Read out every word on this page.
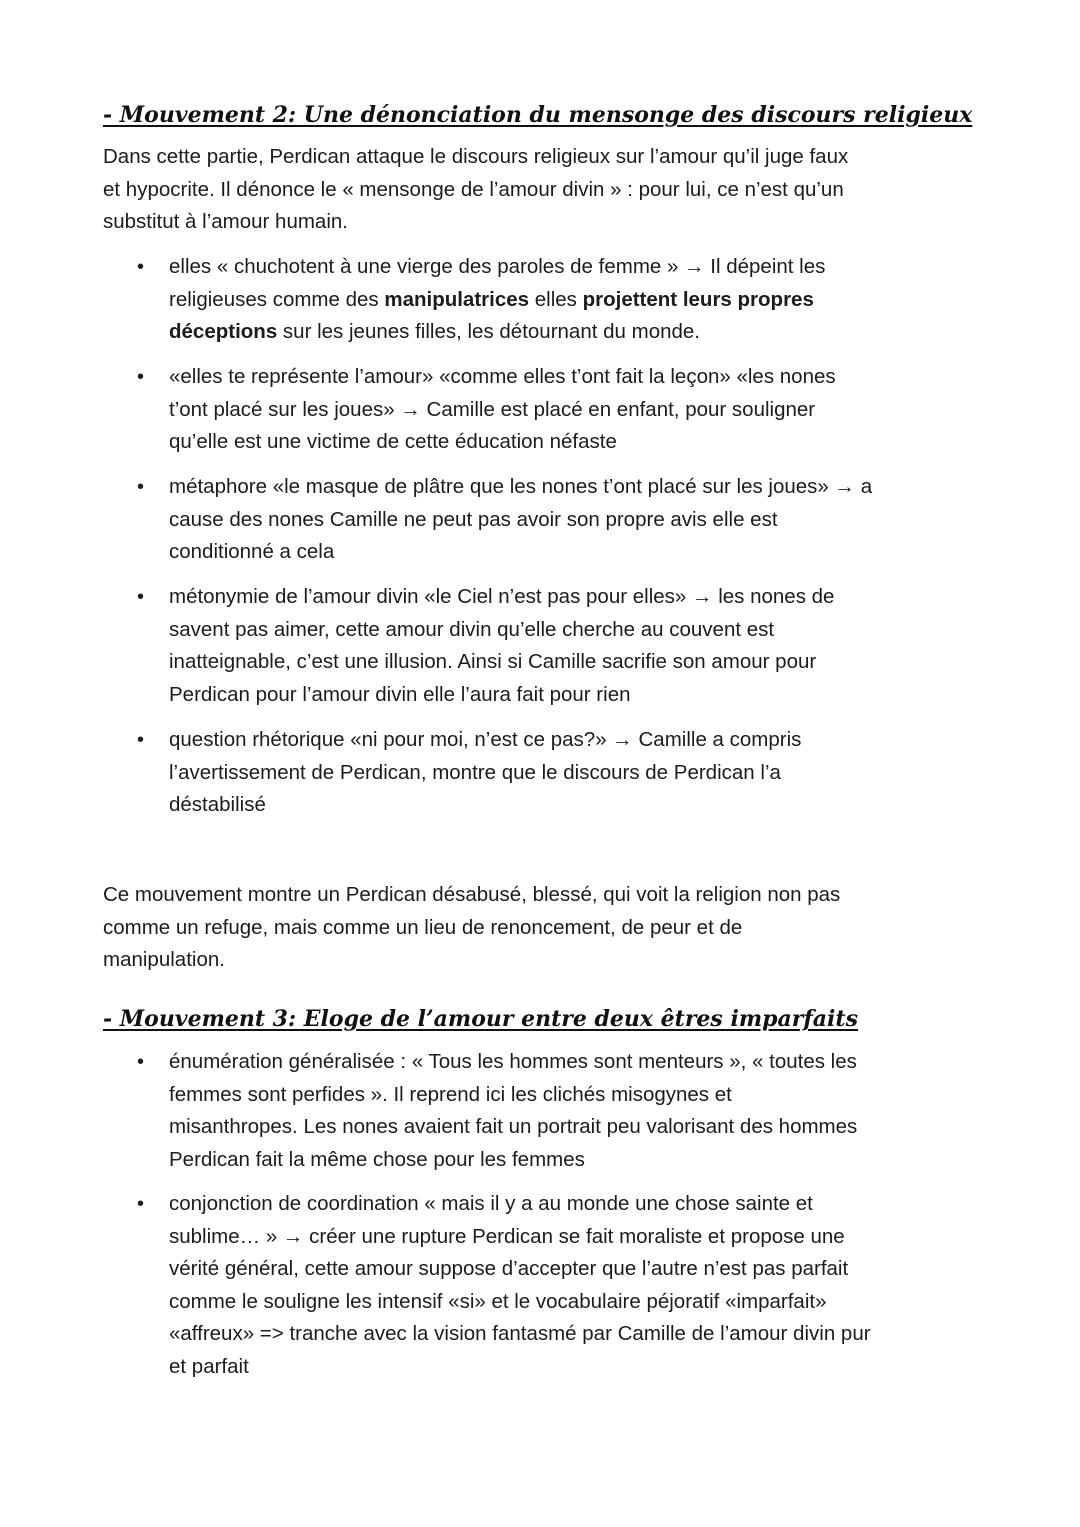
- Mouvement 2: Une dénonciation du mensonge des discours religieux
Dans cette partie, Perdican attaque le discours religieux sur l’amour qu’il juge faux
et hypocrite. Il dénonce le « mensonge de l’amour divin » : pour lui, ce n’est qu’un
substitut à l’amour humain.
•	elles « chuchotent à une vierge des paroles de femme » → Il dépeint les
religieuses comme des manipulatrices elles projettent leurs propres
déceptions sur les jeunes filles, les détournant du monde.
•	«elles te représente l’amour» «comme elles t’ont fait la leçon» «les nones
t’ont placé sur les joues» → Camille est placé en enfant, pour souligner
qu’elle est une victime de cette éducation néfaste
•	métaphore «le masque de plâtre que les nones t’ont placé sur les joues» → a
cause des nones Camille ne peut pas avoir son propre avis elle est
conditionné a cela
•	métonymie de l’amour divin «le Ciel n’est pas pour elles» → les nones de
savent pas aimer, cette amour divin qu’elle cherche au couvent est
inatteignable, c’est une illusion. Ainsi si Camille sacrifie son amour pour
Perdican pour l’amour divin elle l’aura fait pour rien
•	question rhétorique «ni pour moi, n’est ce pas?» → Camille a compris
l’avertissement de Perdican, montre que le discours de Perdican l’a
déstabilisé
Ce mouvement montre un Perdican désabusé, blessé, qui voit la religion non pas
comme un refuge, mais comme un lieu de renoncement, de peur et de
manipulation.
- Mouvement 3: Eloge de l’amour entre deux êtres imparfaits
•	énumération généralisée : « Tous les hommes sont menteurs », « toutes les
femmes sont perfides ». Il reprend ici les clichés misogynes et
misanthropes. Les nones avaient fait un portrait peu valorisant des hommes
Perdican fait la même chose pour les femmes
•	conjonction de coordination « mais il y a au monde une chose sainte et
sublime… » → créer une rupture Perdican se fait moraliste et propose une
vérité général, cette amour suppose d’accepter que l’autre n’est pas parfait
comme le souligne les intensif «si» et le vocabulaire péjoratif «imparfait»
«affreux» => tranche avec la vision fantasmé par Camille de l’amour divin pur
et parfait
